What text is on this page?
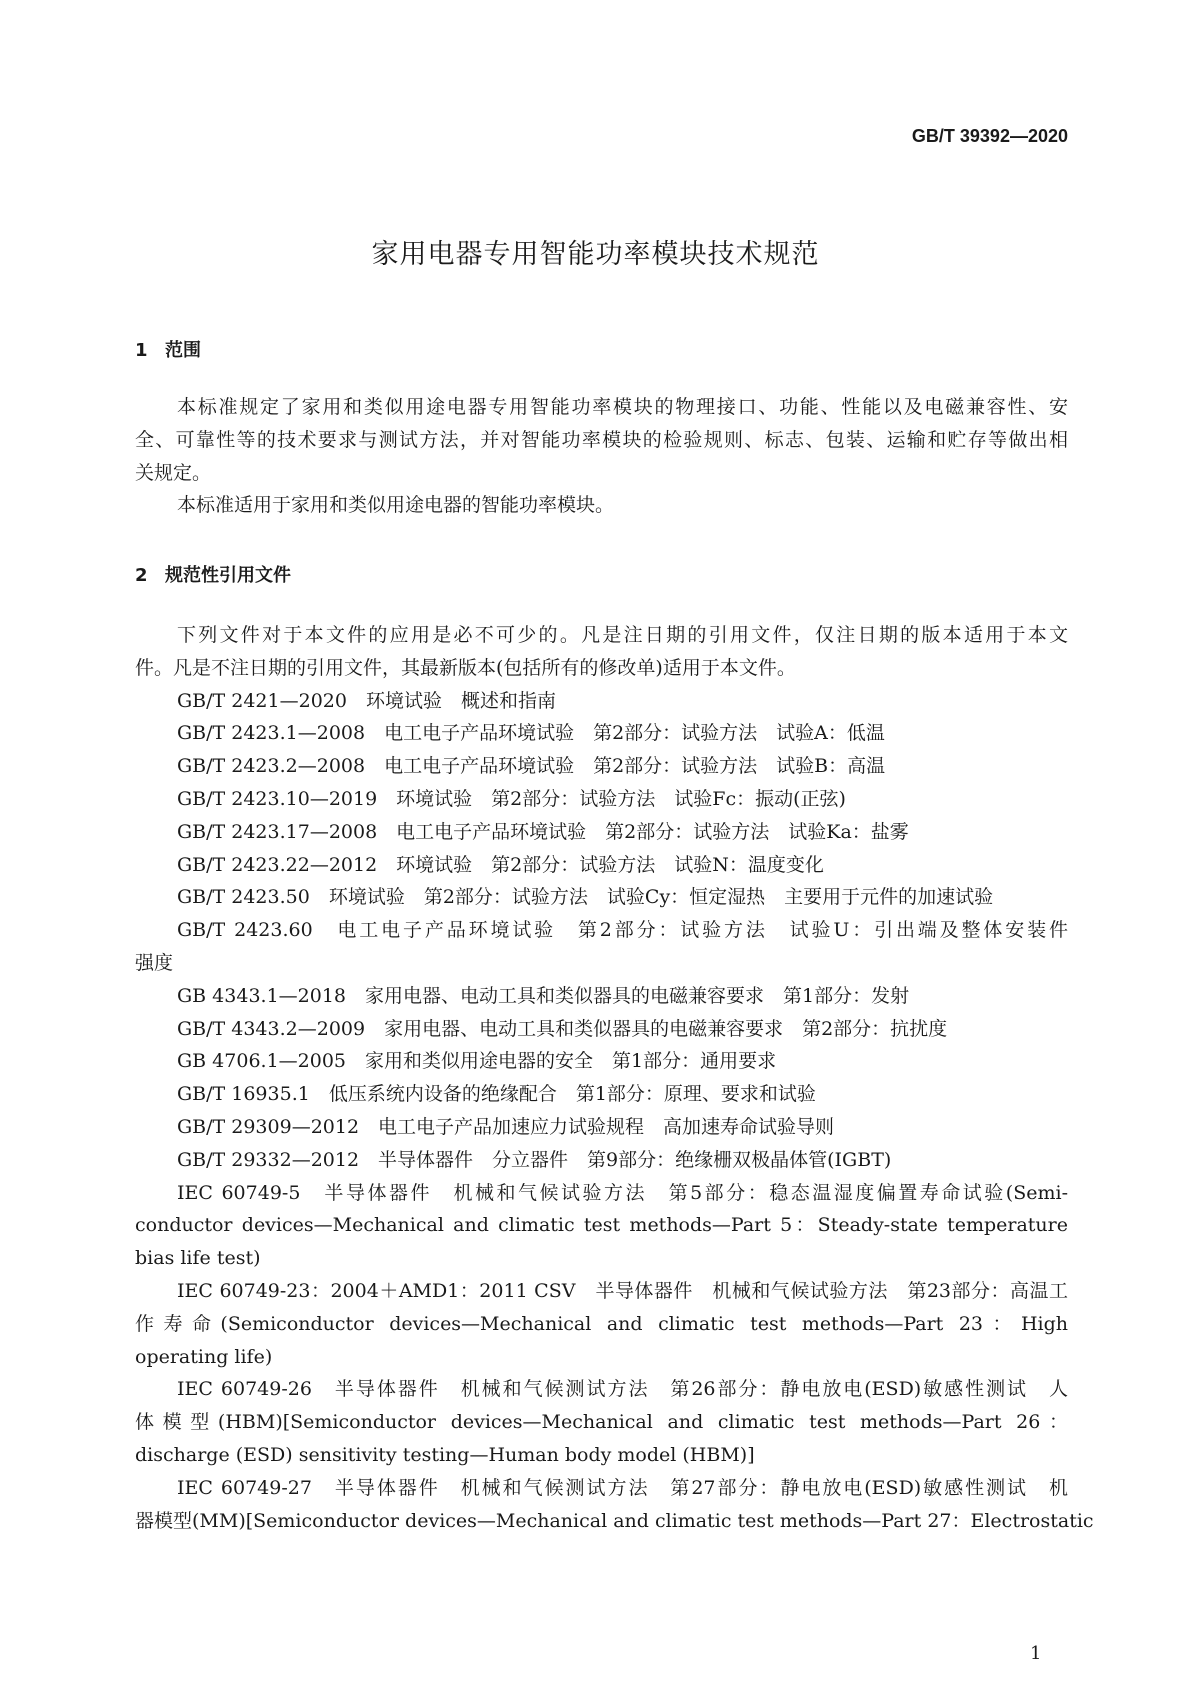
GB/T 39392—2020
家用电器专用智能功率模块技术规范
1 范围
2 规范性引用文件
本标准规定了家用和类似用途电器专用智能功率模块的物理接口、功能、性能以及电磁兼容性、安
全、可靠性等的技术要求与测试方法，并对智能功率模块的检验规则、标志、包装、运输和贮存等做出相
关规定。
本标准适用于家用和类似用途电器的智能功率模块。
下列文件对于本文件的应用是必不可少的。凡是注日期的引用文件，仅注日期的版本适用于本文
件。凡是不注日期的引用文件，其最新版本(包括所有的修改单)适用于本文件。
GB/T 2421—2020　环境试验　概述和指南
GB/T 2423.1—2008　电工电子产品环境试验　第2部分：试验方法　试验A：低温
GB/T 2423.2—2008　电工电子产品环境试验　第2部分：试验方法　试验B：高温
GB/T 2423.10—2019　环境试验　第2部分：试验方法　试验Fc：振动(正弦)
GB/T 2423.17—2008　电工电子产品环境试验　第2部分：试验方法　试验Ka：盐雾
GB/T 2423.22—2012　环境试验　第2部分：试验方法　试验N：温度变化
GB/T 2423.50　环境试验　第2部分：试验方法　试验Cy：恒定湿热　主要用于元件的加速试验
GB/T 2423.60　电工电子产品环境试验　第2部分：试验方法　试验U：引出端及整体安装件
强度
GB 4343.1—2018　家用电器、电动工具和类似器具的电磁兼容要求　第1部分：发射
GB/T 4343.2—2009　家用电器、电动工具和类似器具的电磁兼容要求　第2部分：抗扰度
GB 4706.1—2005　家用和类似用途电器的安全　第1部分：通用要求
GB/T 16935.1　低压系统内设备的绝缘配合　第1部分：原理、要求和试验
GB/T 29309—2012　电工电子产品加速应力试验规程　高加速寿命试验导则
GB/T 29332—2012　半导体器件　分立器件　第9部分：绝缘栅双极晶体管(IGBT)
IEC 60749-5　半导体器件　机械和气候试验方法　第5部分：稳态温湿度偏置寿命试验(Semi-
conductor devices—Mechanical and climatic test methods—Part 5：Steady-state temperature
bias life test)
IEC 60749-23：2004＋AMD1：2011 CSV　半导体器件　机械和气候试验方法　第23部分：高温工
作寿命(Semiconductor devices—Mechanical and climatic test methods—Part 23：High
operating life)
IEC 60749-26　半导体器件　机械和气候测试方法　第26部分：静电放电(ESD)敏感性测试　人
体模型(HBM)[Semiconductor devices—Mechanical and climatic test methods—Part 26：
discharge (ESD) sensitivity testing—Human body model (HBM)]
IEC 60749-27　半导体器件　机械和气候测试方法　第27部分：静电放电(ESD)敏感性测试　机
器模型(MM)[Semiconductor devices—Mechanical and climatic test methods—Part 27：Electrostatic
1
